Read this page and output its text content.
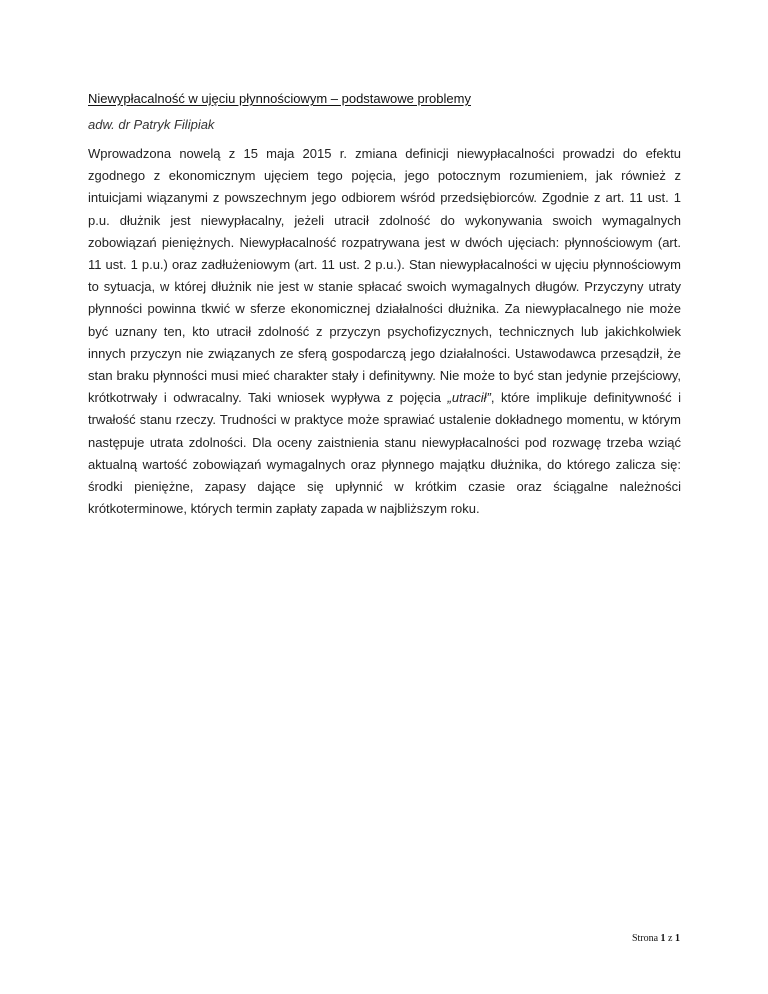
Niewypłacalność w ujęciu płynnościowym – podstawowe problemy
adw. dr Patryk Filipiak

Wprowadzona nowelą z 15 maja 2015 r. zmiana definicji niewypłacalności prowadzi do efektu zgodnego z ekonomicznym ujęciem tego pojęcia, jego potocznym rozumieniem, jak również z intuicjami wiązanymi z powszechnym jego odbiorem wśród przedsiębiorców. Zgodnie z art. 11 ust. 1 p.u. dłużnik jest niewypłacalny, jeżeli utracił zdolność do wykonywania swoich wymagalnych zobowiązań pieniężnych. Niewypłacalność rozpatrywana jest w dwóch ujęciach: płynnościowym (art. 11 ust. 1 p.u.) oraz zadłużeniowym (art. 11 ust. 2 p.u.). Stan niewypłacalności w ujęciu płynnościowym to sytuacja, w której dłużnik nie jest w stanie spłacać swoich wymagalnych długów. Przyczyny utraty płynności powinna tkwić w sferze ekonomicznej działalności dłużnika. Za niewypłacalnego nie może być uznany ten, kto utracił zdolność z przyczyn psychofizycznych, technicznych lub jakichkolwiek innych przyczyn nie związanych ze sferą gospodarczą jego działalności. Ustawodawca przesądził, że stan braku płynności musi mieć charakter stały i definitywny. Nie może to być stan jedynie przejściowy, krótkotrwały i odwracalny. Taki wniosek wypływa z pojęcia „utracił”, które implikuje definitywność i trwałość stanu rzeczy. Trudności w praktyce może sprawiać ustalenie dokładnego momentu, w którym następuje utrata zdolności. Dla oceny zaistnienia stanu niewypłacalności pod rozwagę trzeba wziąć aktualną wartość zobowiązań wymagalnych oraz płynnego majątku dłużnika, do którego zalicza się: środki pieniężne, zapasy dające się upłynnić w krótkim czasie oraz ściągalne należności krótkoterminowe, których termin zapłaty zapada w najbliższym roku.

Strona 1 z 1
